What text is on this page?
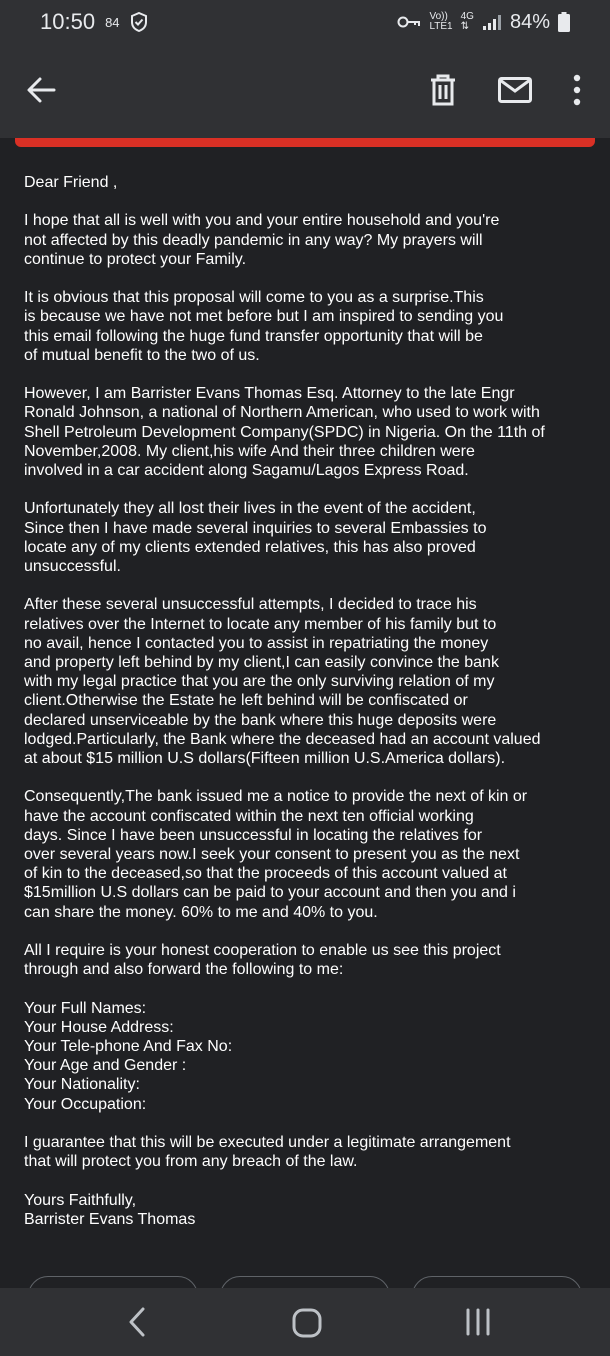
10:50 84	Vo))
LTE1
4G
⇅ 84%

Dear Friend ,

I hope that all is well with you and your entire household and you're
not affected by this deadly pandemic in any way? My prayers will
continue to protect your Family.

It is obvious that this proposal will come to you as a surprise.This
is because we have not met before but I am inspired to sending you
this email following the huge fund transfer opportunity that will be
of mutual benefit to the two of us.

However, I am Barrister Evans Thomas Esq. Attorney to the late Engr
Ronald Johnson, a national of Northern American, who used to work with
Shell Petroleum Development Company(SPDC) in Nigeria. On the 11th of
November,2008. My client,his wife And their three children were
involved in a car accident along Sagamu/Lagos Express Road.

Unfortunately they all lost their lives in the event of the accident,
Since then I have made several inquiries to several Embassies to
locate any of my clients extended relatives, this has also proved
unsuccessful.

After these several unsuccessful attempts, I decided to trace his
relatives over the Internet to locate any member of his family but to
no avail, hence I contacted you to assist in repatriating the money
and property left behind by my client,I can easily convince the bank
with my legal practice that you are the only surviving relation of my
client.Otherwise the Estate he left behind will be confiscated or
declared unserviceable by the bank where this huge deposits were
lodged.Particularly, the Bank where the deceased had an account valued
at about $15 million U.S dollars(Fifteen million U.S.America dollars).

Consequently,The bank issued me a notice to provide the next of kin or
have the account confiscated within the next ten official working
days. Since I have been unsuccessful in locating the relatives for
over several years now.I seek your consent to present you as the next
of kin to the deceased,so that the proceeds of this account valued at
$15million U.S dollars can be paid to your account and then you and i
can share the money. 60% to me and 40% to you.

All I require is your honest cooperation to enable us see this project
through and also forward the following to me:

Your Full Names:
Your House Address:
Your Tele-phone And Fax No:
Your Age and Gender :
Your Nationality:
Your Occupation:

I guarantee that this will be executed under a legitimate arrangement
that will protect you from any breach of the law.

Yours Faithfully,
Barrister Evans Thomas
